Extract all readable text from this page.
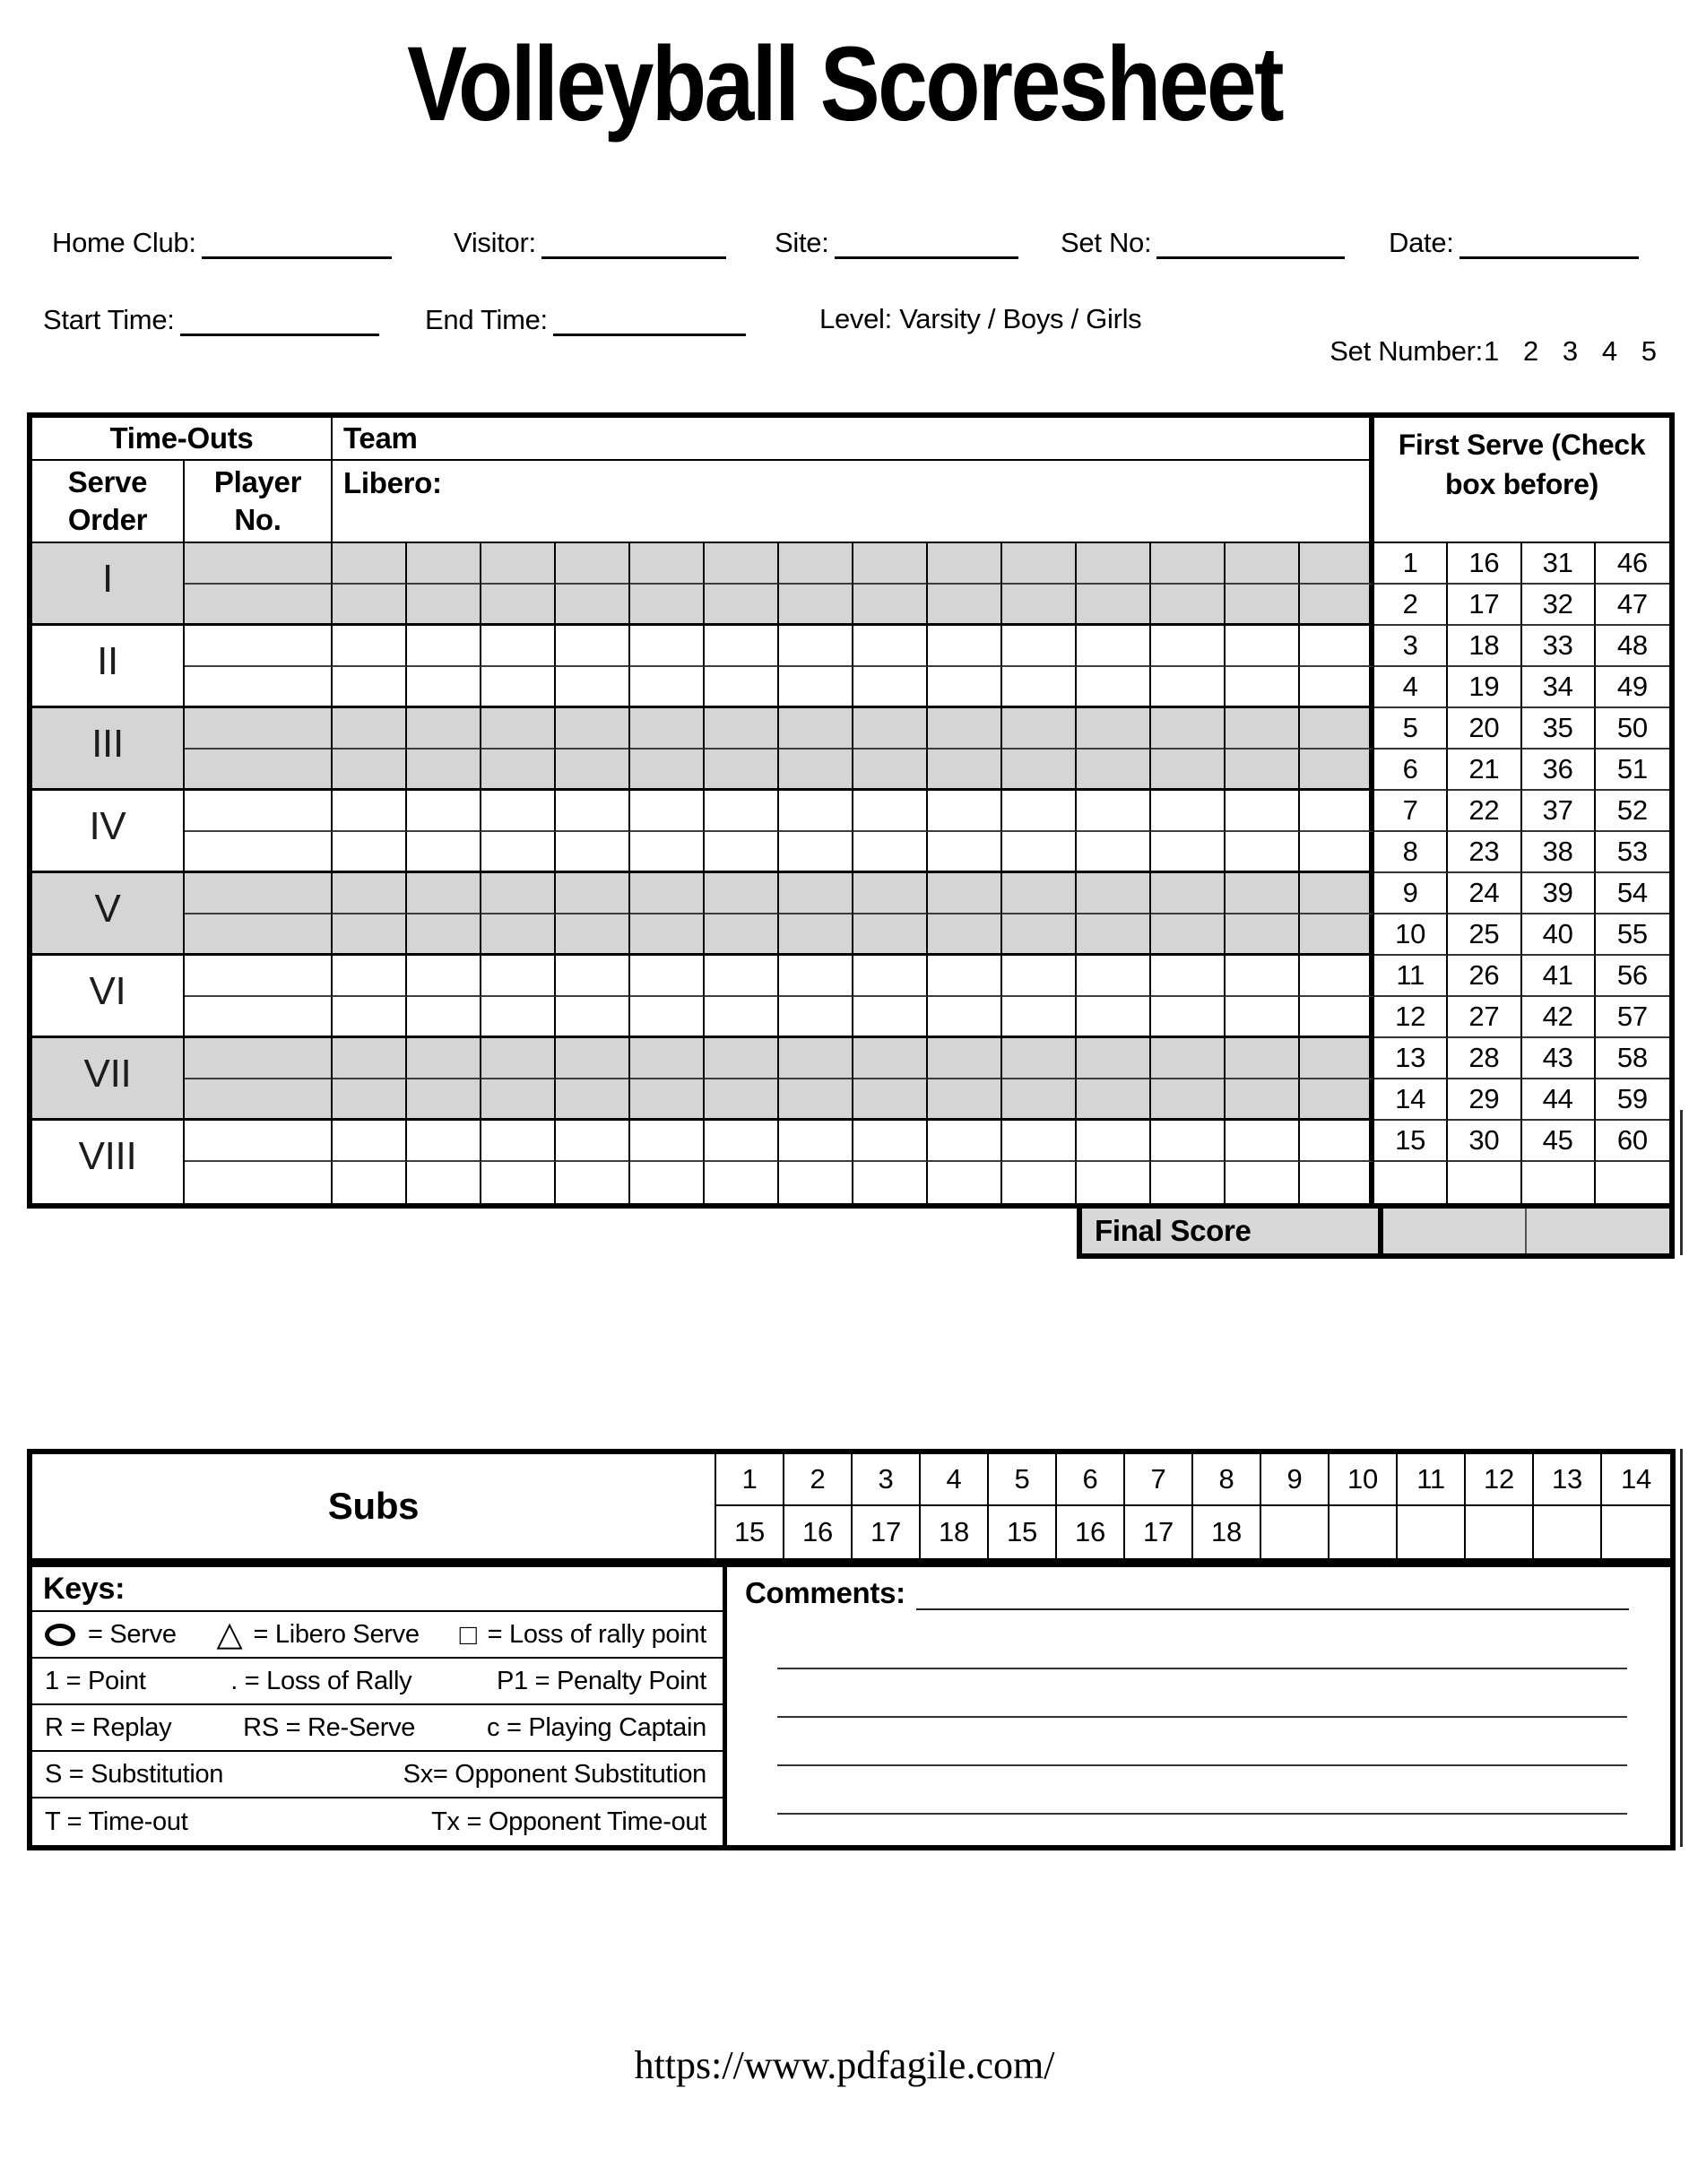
Volleyball Scoresheet
Home Club:	Visitor:	Site:	Set No:	Date:
Start Time:	End Time:	Level: Varsity / Boys / Girls

Set Number:1 2 3 4 5

Time-Outs	Team	First Serve (Check
box before)
Serve
Order
Player
No.
Libero:
I	1	16	31	46
2	17	32	47
II	3	18	33	48
4	19	34	49
III	5	20	35	50
6	21	36	51
IV	7	22	37	52
8	23	38	53
V	9	24	39	54
10	25	40	55
VI	11	26	41	56
12	27	42	57
VII	13	28	43	58
14	29	44	59
VIII	15	30	45	60
Final Score
Subs
1	2	3	4	5	6	7	8	9	10	11	12	13	14
15	16	17	18	15	16	17	18
Keys:
= Serve △ = Libero Serve □ = Loss of rally point
1 = Point	. = Loss of Rally	P1 = Penalty Point
R = Replay	RS = Re-Serve	c = Playing Captain
S = Substitution	Sx= Opponent Substitution
T = Time-out	Tx = Opponent Time-out
Comments:
https://www.pdfagile.com/
